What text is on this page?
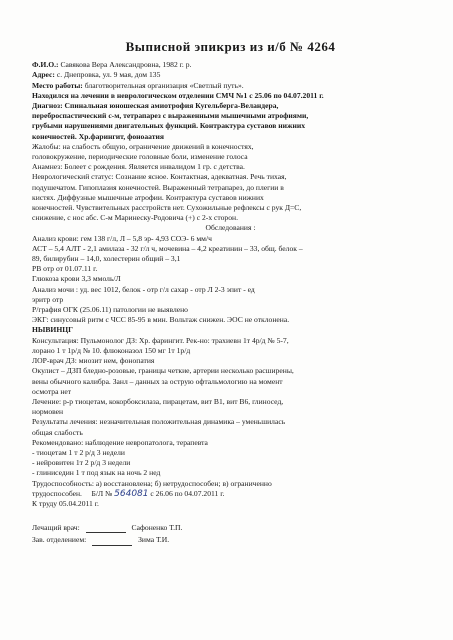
Выписной эпикриз из и/б № 4264
Ф.И.О.: Савякова Вера Александровна, 1982 г. р.
Адрес: с. Днепровка, ул. 9 мая, дом 135
Место работы: благотворительная организация «Светлый путь».
Находился на лечении в неврологическом отделении СМЧ №1 с 25.06 по 04.07.2011 г.
Диагноз: Спинальная юношеская амиотрофия Кугельберга-Веландера,
переброспастический с-м, тетрапарез с выраженными мышечными атрофиями,
грубыми нарушениями двигательных функций. Контрактура суставов нижних
конечностей. Хр.фарингит, фоноаатия
Жалобы: на слабость общую, ограничение движений в конечностях,
головокружение, периодические головные боли, изменение голоса
Анамнез: Болеет с рождения. Является инвалидом 1 гр. с детства.
Неврологический статус: Сознание ясное. Контактная, адекватная. Речь тихая,
подушечатом. Гипоплазия конечностей. Выраженный тетрапарез, до плегии в
кистях. Диффузные мышечные атрофии. Контрактура суставов нижних
конечностей. Чувствительных расстройств нет. Сухожильные рефлексы с рук Д=С,
снижение, с нос абс. С-м Маринеску-Родовича (+) с 2-х сторон.
Обследования :
Анализ крови: гем 138 г/л, Л – 5,8 эр- 4,93 СОЭ- 6 мм/ч
АСТ – 5,4 АЛТ - 2,1 амилаза - 32 г/л ч, мочевина – 4,2 креатинин – 33, общ. белок –
89, билирубин – 14,0, холестерин общий – 3,1
РВ отр от 01.07.11 г.
Глюкоза крови 3,3 ммоль/Л
Анализ мочи : уд. вес 1012, белок - отр г/л сахар - отр Л 2-3 эпит - ед
эритр отр
Р/графия ОГК (25.06.11) патологии не выявлено
ЭКГ: синусовый ритм с ЧСС 85-95 в мин. Вольтаж снижен. ЭОС не отклонена.
НЫВИНЦГ
Консультация: Пульмонолог ДЗ: Хр. фарингит. Рек-но: трахиевн 1т 4р/д № 5-7,
лорано 1 т 1р/д № 10. флюконазол 150 мг 1т 1р/д
ЛОР-врач ДЗ: миозит нем, фонопатия
Окулист – ДЗП бледно-розовые, границы четкие, артерии несколько расширены,
вены обычного калибра. Занл – данных за острую офтальмологию на момент
осмотра нет
Лечение: р-р тиоцетам, кокорбоксилаза, пирацетам, вит В1, вит В6, глиносед,
нормовен
Результаты лечения: незначительная положительная динамика – уменьшилась
общая слабость
Рекомендовано: наблюдение невропатолога, терапевта
- тиоцетам 1 т 2 р/д 3 недели
- нейровитен 1т 2 р/д 3 недели
- глиниседин 1 т под язык на ночь 2 нед
Трудоспособность: а) восстановлена; б) нетрудоспособен; в) ограниченно
трудоспособен. Б/Л № 564081 с 26.06 по 04.07.2011 г.
К труду 05.04.2011 г.
Лечащий врач:	Сафоненко Т.П.
Зав. отделением:	Зима Т.И.
